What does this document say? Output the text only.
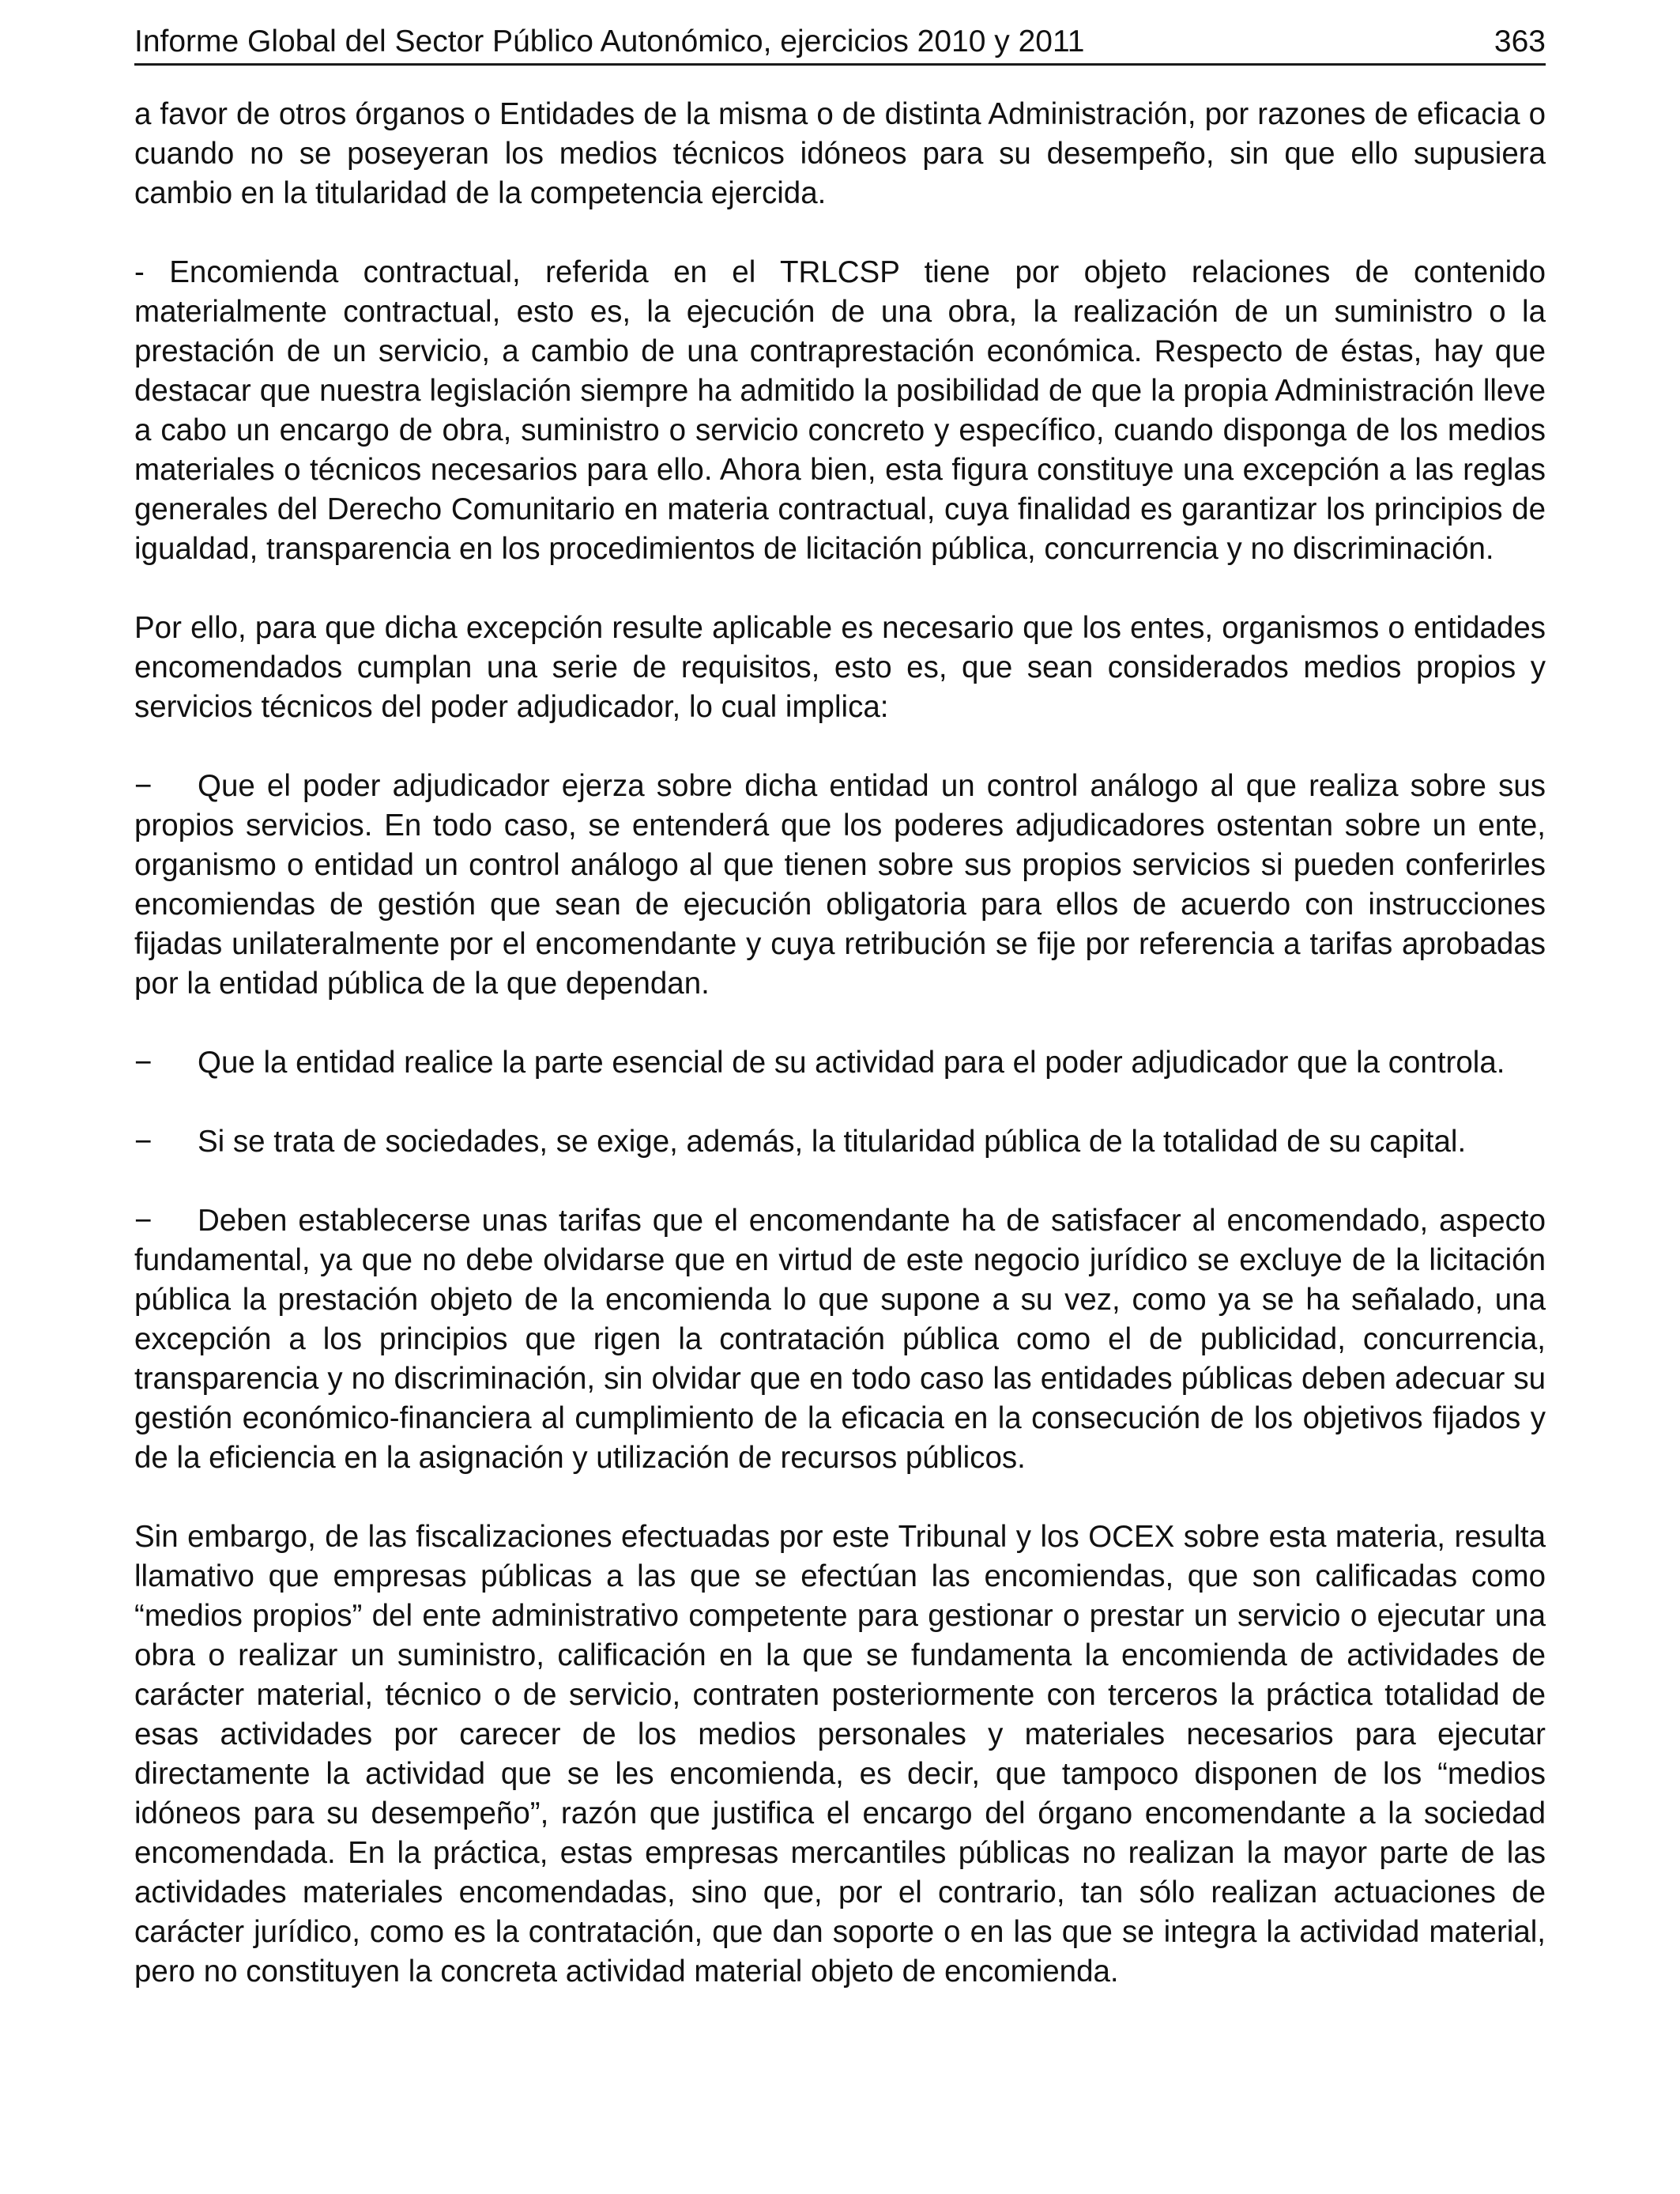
Informe Global del Sector Público Autonómico, ejercicios 2010 y 2011	363

a favor de otros órganos o Entidades de la misma o de distinta Administración, por razones de eficacia o cuando no se poseyeran los medios técnicos idóneos para su desempeño, sin que ello supusiera cambio en la titularidad de la competencia ejercida.

- Encomienda contractual, referida en el TRLCSP tiene por objeto relaciones de contenido materialmente contractual, esto es, la ejecución de una obra, la realización de un suministro o la prestación de un servicio, a cambio de una contraprestación económica. Respecto de éstas, hay que destacar que nuestra legislación siempre ha admitido la posibilidad de que la propia Administración lleve a cabo un encargo de obra, suministro o servicio concreto y específico, cuando disponga de los medios materiales o técnicos necesarios para ello. Ahora bien, esta figura constituye una excepción a las reglas generales del Derecho Comunitario en materia contractual, cuya finalidad es garantizar los principios de igualdad, transparencia en los procedimientos de licitación pública, concurrencia y no discriminación.

Por ello, para que dicha excepción resulte aplicable es necesario que los entes, organismos o entidades encomendados cumplan una serie de requisitos, esto es, que sean considerados medios propios y servicios técnicos del poder adjudicador, lo cual implica:

− Que el poder adjudicador ejerza sobre dicha entidad un control análogo al que realiza sobre sus propios servicios. En todo caso, se entenderá que los poderes adjudicadores ostentan sobre un ente, organismo o entidad un control análogo al que tienen sobre sus propios servicios si pueden conferirles encomiendas de gestión que sean de ejecución obligatoria para ellos de acuerdo con instrucciones fijadas unilateralmente por el encomendante y cuya retribución se fije por referencia a tarifas aprobadas por la entidad pública de la que dependan.

− Que la entidad realice la parte esencial de su actividad para el poder adjudicador que la controla.

− Si se trata de sociedades, se exige, además, la titularidad pública de la totalidad de su capital.

− Deben establecerse unas tarifas que el encomendante ha de satisfacer al encomendado, aspecto fundamental, ya que no debe olvidarse que en virtud de este negocio jurídico se excluye de la licitación pública la prestación objeto de la encomienda lo que supone a su vez, como ya se ha señalado, una excepción a los principios que rigen la contratación pública como el de publicidad, concurrencia, transparencia y no discriminación, sin olvidar que en todo caso las entidades públicas deben adecuar su gestión económico-financiera al cumplimiento de la eficacia en la consecución de los objetivos fijados y de la eficiencia en la asignación y utilización de recursos públicos.

Sin embargo, de las fiscalizaciones efectuadas por este Tribunal y los OCEX sobre esta materia, resulta llamativo que empresas públicas a las que se efectúan las encomiendas, que son calificadas como “medios propios” del ente administrativo competente para gestionar o prestar un servicio o ejecutar una obra o realizar un suministro, calificación en la que se fundamenta la encomienda de actividades de carácter material, técnico o de servicio, contraten posteriormente con terceros la práctica totalidad de esas actividades por carecer de los medios personales y materiales necesarios para ejecutar directamente la actividad que se les encomienda, es decir, que tampoco disponen de los “medios idóneos para su desempeño”, razón que justifica el encargo del órgano encomendante a la sociedad encomendada. En la práctica, estas empresas mercantiles públicas no realizan la mayor parte de las actividades materiales encomendadas, sino que, por el contrario, tan sólo realizan actuaciones de carácter jurídico, como es la contratación, que dan soporte o en las que se integra la actividad material, pero no constituyen la concreta actividad material objeto de encomienda.
